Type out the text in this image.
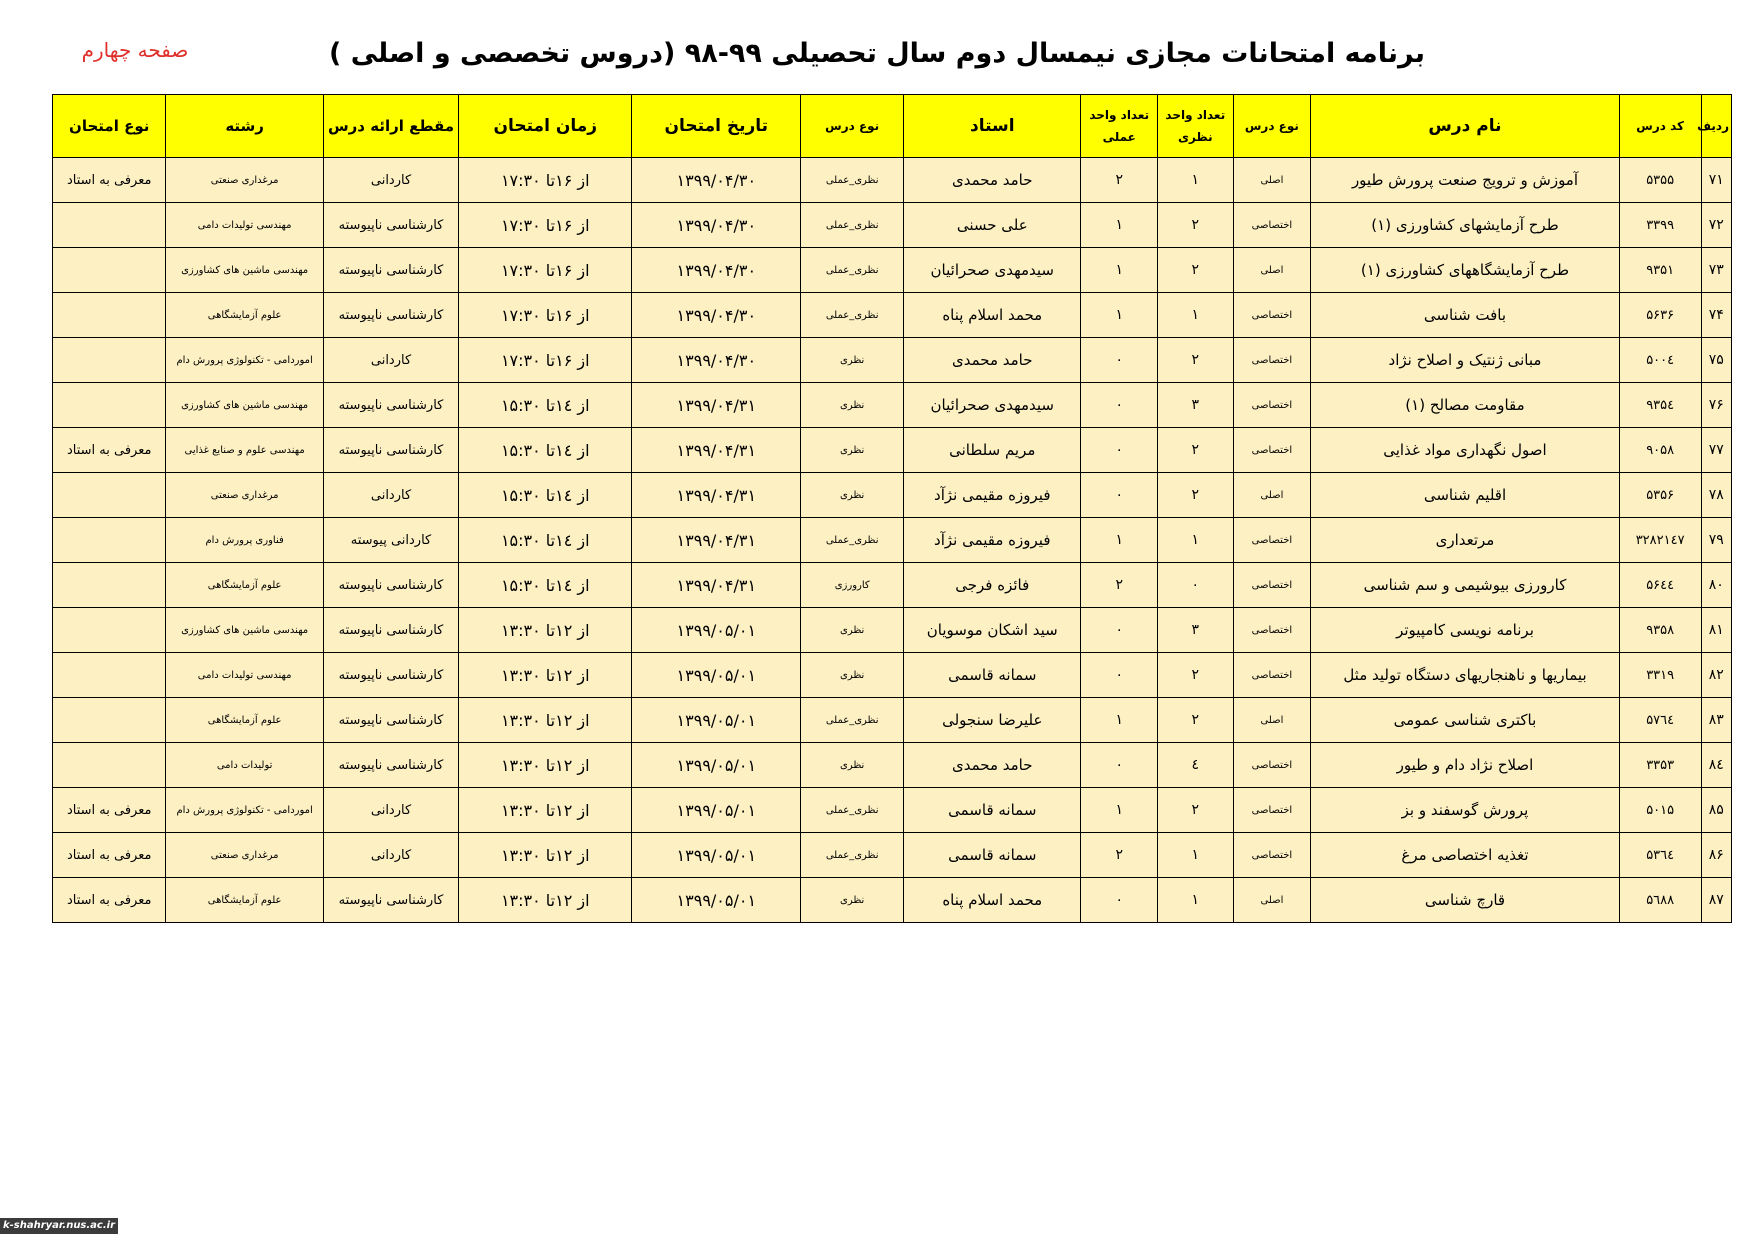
برنامه امتحانات مجازی نیمسال دوم سال تحصیلی ۹۹-۹۸ (دروس تخصصی و اصلی )
صفحه چهارم
ردیف	کد درس	نام درس	نوع درس	تعداد واحد نظری	تعداد واحد عملی	استاد	نوع درس	تاریخ امتحان	زمان امتحان	مقطع ارائه درس	رشته	نوع امتحان
۷۱	۵۳۵۵	آموزش و ترویج صنعت پرورش طیور	اصلی	۱	۲	حامد محمدی	نظری_عملی	۱۳۹۹/۰۴/۳۰	از ۱۶تا ۱۷:۳۰	کاردانی	مرغداری صنعتی	معرفی به استاد
۷۲	۳۳۹۹	طرح آزمایشهای کشاورزی (۱)	اختصاصی	۲	۱	علی حسنی	نظری_عملی	۱۳۹۹/۰۴/۳۰	از ۱۶تا ۱۷:۳۰	کارشناسی ناپیوسته	مهندسی تولیدات دامی	
۷۳	۹۳۵۱	طرح آزمایشگاههای کشاورزی (۱)	اصلی	۲	۱	سیدمهدی صحرائیان	نظری_عملی	۱۳۹۹/۰۴/۳۰	از ۱۶تا ۱۷:۳۰	کارشناسی ناپیوسته	مهندسی ماشین های کشاورزی	
۷۴	۵۶۳۶	بافت شناسی	اختصاصی	۱	۱	محمد اسلام پناه	نظری_عملی	۱۳۹۹/۰۴/۳۰	از ۱۶تا ۱۷:۳۰	کارشناسی ناپیوسته	علوم آزمایشگاهی	
۷۵	۵۰۰٤	مبانی ژنتیک و اصلاح نژاد	اختصاصی	۲	۰	حامد محمدی	نظری	۱۳۹۹/۰۴/۳۰	از ۱۶تا ۱۷:۳۰	کاردانی	اموردامی - تکنولوژی پرورش دام	
۷۶	۹۳۵٤	مقاومت مصالح (۱)	اختصاصی	۳	۰	سیدمهدی صحرائیان	نظری	۱۳۹۹/۰۴/۳۱	از ۱٤تا ۱۵:۳۰	کارشناسی ناپیوسته	مهندسی ماشین های کشاورزی	
۷۷	۹۰۵۸	اصول نگهداری مواد غذایی	اختصاصی	۲	۰	مریم سلطانی	نظری	۱۳۹۹/۰۴/۳۱	از ۱٤تا ۱۵:۳۰	کارشناسی ناپیوسته	مهندسی علوم و صنایع غذایی	معرفی به استاد
۷۸	۵۳۵۶	اقلیم شناسی	اصلی	۲	۰	فیروزه مقیمی نژآد	نظری	۱۳۹۹/۰۴/۳۱	از ۱٤تا ۱۵:۳۰	کاردانی	مرغداری صنعتی	
۷۹	۳۲۸۲۱٤۷	مرتعداری	اختصاصی	۱	۱	فیروزه مقیمی نژآد	نظری_عملی	۱۳۹۹/۰۴/۳۱	از ۱٤تا ۱۵:۳۰	کاردانی پیوسته	فناوری پرورش دام	
۸۰	۵۶٤٤	کارورزی بیوشیمی و سم شناسی	اختصاصی	۰	۲	فائزه فرجی	کارورزی	۱۳۹۹/۰۴/۳۱	از ۱٤تا ۱۵:۳۰	کارشناسی ناپیوسته	علوم آزمایشگاهی	
۸۱	۹۳۵۸	برنامه نویسی کامپیوتر	اختصاصی	۳	۰	سید اشکان موسویان	نظری	۱۳۹۹/۰۵/۰۱	از ۱۲تا ۱۳:۳۰	کارشناسی ناپیوسته	مهندسی ماشین های کشاورزی	
۸۲	۳۳۱۹	بیماریها و ناهنجاریهای دستگاه تولید مثل	اختصاصی	۲	۰	سمانه قاسمی	نظری	۱۳۹۹/۰۵/۰۱	از ۱۲تا ۱۳:۳۰	کارشناسی ناپیوسته	مهندسی تولیدات دامی	
۸۳	۵٧٦٤	باکتری شناسی عمومی	اصلی	۲	۱	علیرضا سنجولی	نظری_عملی	۱۳۹۹/۰۵/۰۱	از ۱۲تا ۱۳:۳۰	کارشناسی ناپیوسته	علوم آزمایشگاهی	
۸٤	۳۳۵۳	اصلاح نژاد دام و طیور	اختصاصی	٤	۰	حامد محمدی	نظری	۱۳۹۹/۰۵/۰۱	از ۱۲تا ۱۳:۳۰	کارشناسی ناپیوسته	تولیدات دامی	
۸۵	۵۰۱۵	پرورش گوسفند و بز	اختصاصی	۲	۱	سمانه قاسمی	نظری_عملی	۱۳۹۹/۰۵/۰۱	از ۱۲تا ۱۳:۳۰	کاردانی	اموردامی - تکنولوژی پرورش دام	معرفی به استاد
۸۶	۵۳٦٤	تغذیه اختصاصی مرغ	اختصاصی	۱	۲	سمانه قاسمی	نظری_عملی	۱۳۹۹/۰۵/۰۱	از ۱۲تا ۱۳:۳۰	کاردانی	مرغداری صنعتی	معرفی به استاد
۸۷	۵٦۸۸	قارچ شناسی	اصلی	۱	۰	محمد اسلام پناه	نظری	۱۳۹۹/۰۵/۰۱	از ۱۲تا ۱۳:۳۰	کارشناسی ناپیوسته	علوم آزمایشگاهی	معرفی به استاد
k-shahryar.nus.ac.ir
